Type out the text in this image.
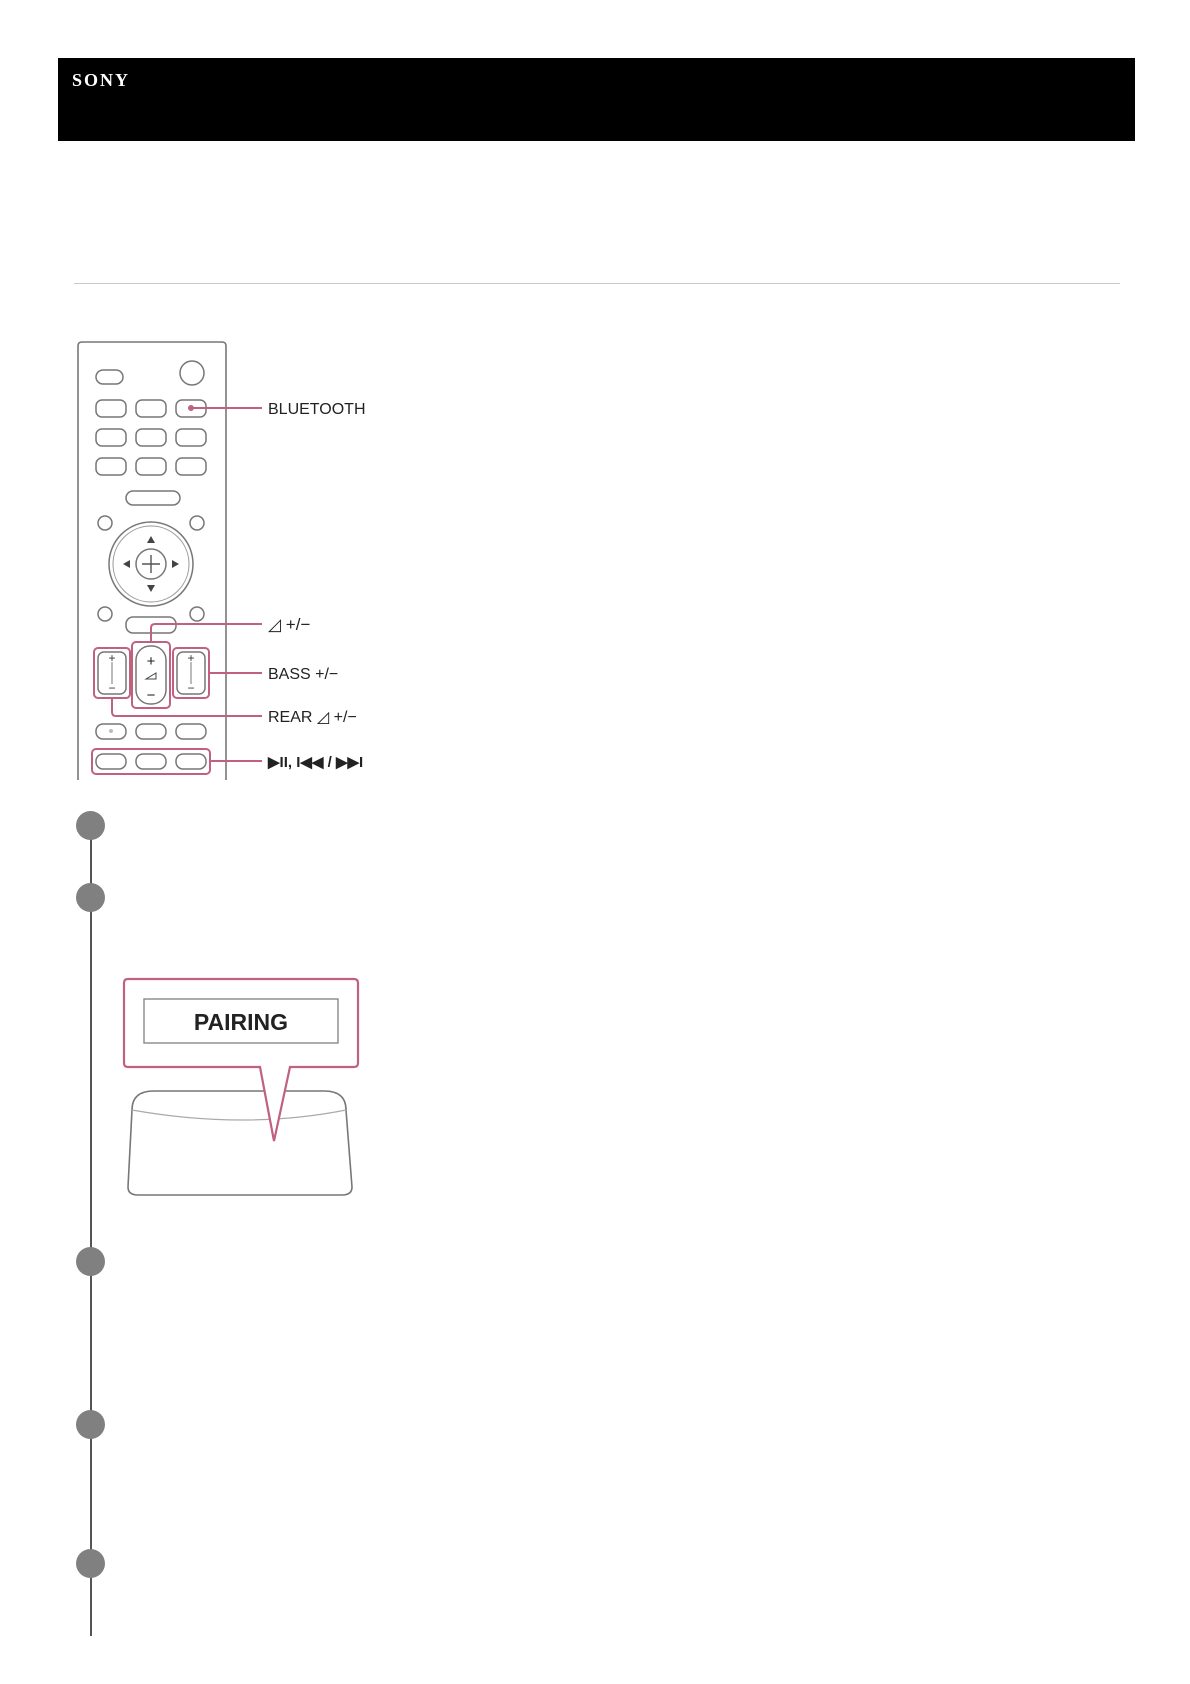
SONY
+
−
+
−
+
−
BLUETOOTH
◿ +/−
BASS +/−
REAR ◿ +/−
▶II, I◀◀ / ▶▶I
1
2
3
4
5
PAIRING
